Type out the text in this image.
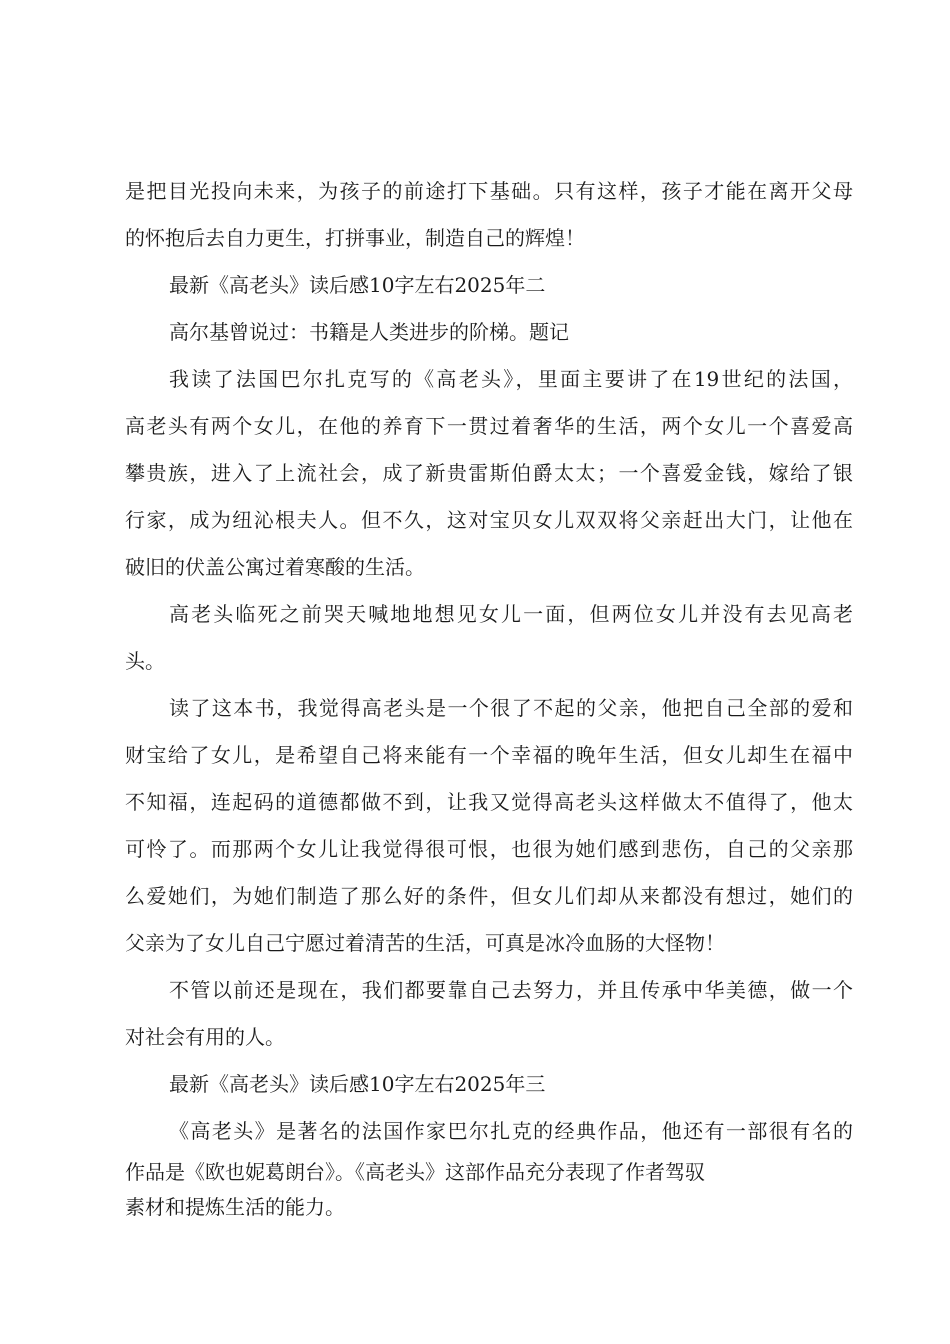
是把目光投向未来，为孩子的前途打下基础。只有这样，孩子才能在离开父母
的怀抱后去自力更生，打拼事业，制造自己的辉煌！
最新《高老头》读后感10字左右2025年二
高尔基曾说过：书籍是人类进步的阶梯。题记
我读了法国巴尔扎克写的《高老头》，里面主要讲了在19世纪的法国，
高老头有两个女儿，在他的养育下一贯过着奢华的生活，两个女儿一个喜爱高
攀贵族，进入了上流社会，成了新贵雷斯伯爵太太；一个喜爱金钱，嫁给了银
行家，成为纽沁根夫人。但不久，这对宝贝女儿双双将父亲赶出大门，让他在
破旧的伏盖公寓过着寒酸的生活。
高老头临死之前哭天喊地地想见女儿一面，但两位女儿并没有去见高老
头。
读了这本书，我觉得高老头是一个很了不起的父亲，他把自己全部的爱和
财宝给了女儿，是希望自己将来能有一个幸福的晚年生活，但女儿却生在福中
不知福，连起码的道德都做不到，让我又觉得高老头这样做太不值得了，他太
可怜了。而那两个女儿让我觉得很可恨，也很为她们感到悲伤，自己的父亲那
么爱她们，为她们制造了那么好的条件，但女儿们却从来都没有想过，她们的
父亲为了女儿自己宁愿过着清苦的生活，可真是冰冷血肠的大怪物！
不管以前还是现在，我们都要靠自己去努力，并且传承中华美德，做一个
对社会有用的人。
最新《高老头》读后感10字左右2025年三
《高老头》是著名的法国作家巴尔扎克的经典作品，他还有一部很有名的
作品是《欧也妮葛朗台》。《高老头》这部作品充分表现了作者驾驭
素材和提炼生活的能力。
